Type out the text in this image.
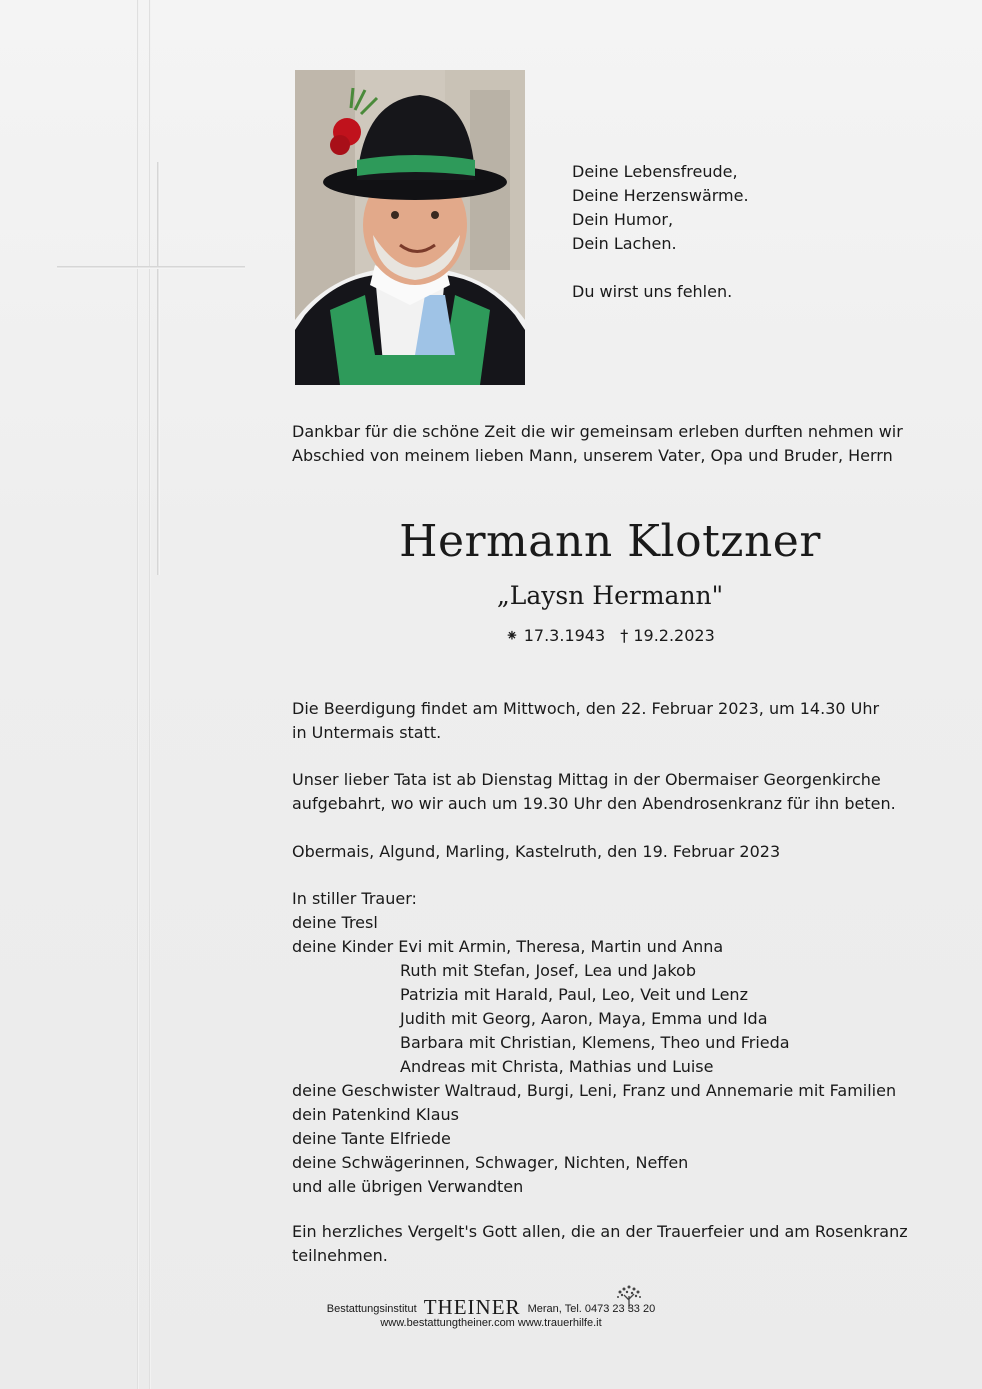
Deine Lebensfreude,
Deine Herzenswärme.
Dein Humor,
Dein Lachen.
Du wirst uns fehlen.
Dankbar für die schöne Zeit die wir gemeinsam erleben durften nehmen wir
Abschied von meinem lieben Mann, unserem Vater, Opa und Bruder, Herrn
Hermann Klotzner
„Laysn Hermann"
⁕ 17.3.1943 † 19.2.2023
Die Beerdigung findet am Mittwoch, den 22. Februar 2023, um 14.30 Uhr
in Untermais statt.
Unser lieber Tata ist ab Dienstag Mittag in der Obermaiser Georgenkirche
aufgebahrt, wo wir auch um 19.30 Uhr den Abendrosenkranz für ihn beten.
Obermais, Algund, Marling, Kastelruth, den 19. Februar 2023
In stiller Trauer:
deine Tresl
deine Kinder Evi mit Armin, Theresa, Martin und Anna
Ruth mit Stefan, Josef, Lea und Jakob
Patrizia mit Harald, Paul, Leo, Veit und Lenz
Judith mit Georg, Aaron, Maya, Emma und Ida
Barbara mit Christian, Klemens, Theo und Frieda
Andreas mit Christa, Mathias und Luise
deine Geschwister Waltraud, Burgi, Leni, Franz und Annemarie mit Familien
dein Patenkind Klaus
deine Tante Elfriede
deine Schwägerinnen, Schwager, Nichten, Neffen
und alle übrigen Verwandten
Ein herzliches Vergelt's Gott allen, die an der Trauerfeier und am Rosenkranz
teilnehmen.
Bestattungsinstitut THEINER Meran, Tel. 0473 23 33 20
www.bestattungtheiner.com www.trauerhilfe.it
